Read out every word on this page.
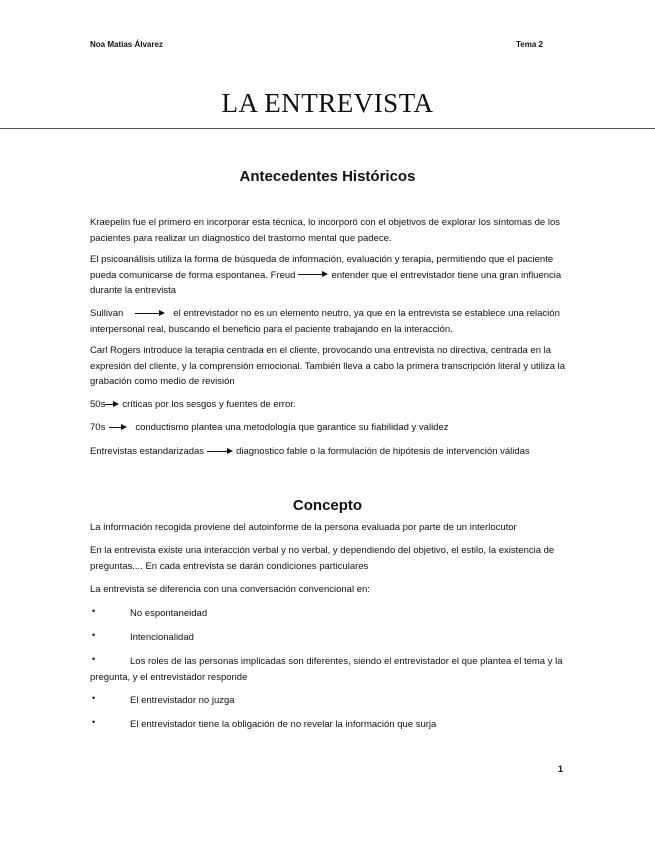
Noa Matías Álvarez	Tema 2
LA ENTREVISTA
Antecedentes Históricos

Kraepelin fue el primero en incorporar esta técnica, lo incorporó con el objetivos de explorar los síntomas de los pacientes para realizar un diagnostico del trastorno mental que padece.

El psicoanálisis utiliza la forma de búsqueda de información, evaluación y terapia, permitiendo que el paciente pueda comunicarse de forma espontanea. Freud	entender que el entrevistador tiene una gran influencia durante la entrevista

Sullivan	el entrevistador no es un elemento neutro, ya que en la entrevista se establece una relación interpersonal real, buscando el beneficio para el paciente trabajando en la interacción.

Carl Rogers introduce la terapia centrada en el cliente, provocando una entrevista no directiva, centrada en la expresión del cliente, y la comprensión emocional. También lleva a cabo la primera transcripción literal y utiliza la grabación como medio de revisión

50s críticas por los sesgos y fuentes de error.

70s	conductismo plantea una metodología que garantice su fiabilidad y validez

Entrevistas estandarizadas	diagnostico fable o la formulación de hipótesis de intervención válidas

Concepto

La información recogida proviene del autoinforme de la persona evaluada por parte de un interlocutor

En la entrevista existe una interacción verbal y no verbal, y dependiendo del objetivo, el estilo, la existencia de preguntas.... En cada entrevista se darán condiciones particulares

La entrevista se diferencia con una conversación convencional en:

•	No espontaneidad
•	Intencionalidad
•	Los roles de las personas implicadas son diferentes, siendo el entrevistador el que plantea el tema y la pregunta, y el entrevistador responde
•	El entrevistador no juzga
•	El entrevistador tiene la obligación de no revelar la información que surja
1
